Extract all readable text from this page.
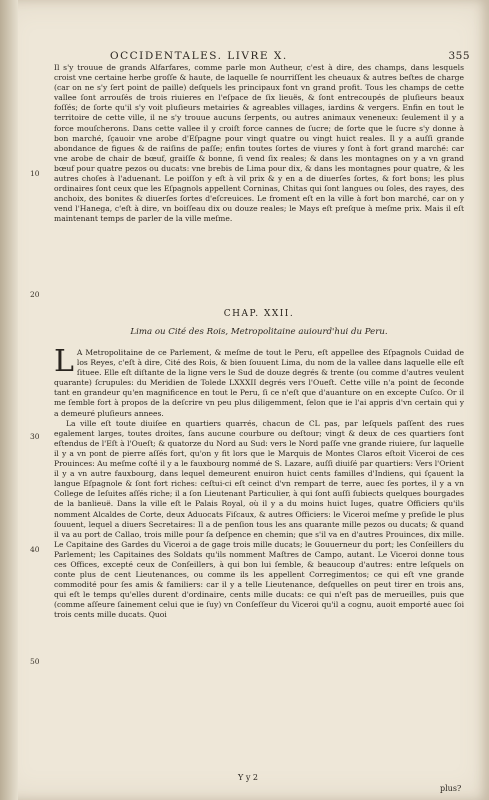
OCCIDENTALES. LIVRE X.	355

Il s'y trouue de grands Alfarfares, comme parle mon Autheur, c'est à dire, des champs, dans lesquels croist vne certaine herbe groſſe & haute, de laquelle ſe nourriſſent les cheuaux & autres beſtes de charge (car on ne s'y ſert point de paille) deſquels les principaux font vn grand profit. Tous les champs de cette vallee ſont arrouſés de trois riuieres en l'eſpace de ſix lieuës, & ſont entrecoupés de pluſieurs beaux foſſés; de ſorte qu'il s'y voit pluſieurs metairies & agreables villages, iardins & vergers. Enfin en tout le territoire de cette ville, il ne s'y trouue aucuns ſerpents, ou autres animaux veneneux: ſeulement il y a force mouſcherons. Dans cette vallee il y croiſt force cannes de ſucre; de ſorte que le ſucre s'y donne à bon marché, ſçauoir vne arobe d'Eſpagne pour vingt quatre ou vingt huict reales. Il y a auſſi grande abondance de figues & de raiſins de paſſe; enfin toutes ſortes de viures y ſont à fort grand marché: car vne arobe de chair de bœuf, graiſſe & bonne, ſi vend ſix reales; & dans les montagnes on y a vn grand bœuf pour quatre pezos ou ducats: vne brebis de Lima pour dix, & dans les montagnes pour quatre, & les autres choſes à l'aduenant. Le poiſſon y eſt à vil prix & y en a de diuerſes ſortes, & fort bons; les plus ordinaires ſont ceux que les Eſpagnols appellent Corninas, Chitas qui ſont langues ou ſoles, des rayes, des anchoix, des bonites & diuerſes ſortes d'eſcreuices. Le froment eſt en la ville à fort bon marché, car on y vend l'Hanega, c'eſt à dire, vn boiſſeau dix ou douze reales; le Mays eſt preſque à meſme prix. Mais il eſt maintenant temps de parler de la ville meſme.

10
20
CHAP. XXII.
Lima ou Cité des Rois, Metropolitaine auiourd'hui du Peru.

L A Metropolitaine de ce Parlement, & meſme de tout le Peru, eſt appellee des Eſpagnols Cuidad de los Reyes, c'eſt à dire, Cité des Rois, & bien ſouuent Lima, du nom de la vallee dans laquelle elle eſt ſituee. Elle eſt diſtante de la ligne vers le Sud de douze degrés & trente (ou comme d'autres veulent quarante) ſcrupules: du Meridien de Tolede LXXXII degrés vers l'Oueſt. Cette ville n'a point de ſeconde tant en grandeur qu'en magnificence en tout le Peru, ſi ce n'eſt que d'auanture on en excepte Cuſco. Or il me ſemble fort à propos de la deſcrire vn peu plus diligemment, ſelon que ie l'ai appris d'vn certain qui y a demeuré pluſieurs annees.

La ville eſt toute diuiſee en quartiers quarrés, chacun de CL pas, par leſquels paſſent des rues egalement larges, toutes droites, ſans aucune courbure ou deſtour; vingt & deux de ces quartiers ſont eſtendus de l'Eſt à l'Oueſt; & quatorze du Nord au Sud: vers le Nord paſſe vne grande riuiere, ſur laquelle il y a vn pont de pierre aſſés fort, qu'on y fit lors que le Marquis de Montes Claros eſtoit Viceroi de ces Prouinces: Au meſme coſté il y a le fauxbourg nommé de S. Lazare, auſſi diuiſé par quartiers: Vers l'Orient il y a vn autre fauxbourg, dans lequel demeurent enuiron huict cents familles d'Indiens, qui ſçauent la langue Eſpagnole & ſont fort riches: ceſtui-ci eſt ceinct d'vn rempart de terre, auec ſes portes, il y a vn College de Ieſuites aſſés riche; il a ſon Lieutenant Particulier, à qui ſont auſſi ſubiects quelques bourgades de la banlieuë. Dans la ville eſt le Palais Royal, où il y a du moins huict Iuges, quatre Officiers qu'ils nomment Alcaldes de Corte, deux Aduocats Fiſcaux, & autres Officiers: le Viceroi meſme y preſide le plus ſouuent, lequel a diuers Secretaires: Il a de penſion tous les ans quarante mille pezos ou ducats; & quand il va au port de Callao, trois mille pour ſa deſpence en chemin; que s'il va en d'autres Prouinces, dix mille. Le Capitaine des Gardes du Viceroi a de gage trois mille ducats; le Gouuerneur du port; les Conſeillers du Parlement; les Capitaines des Soldats qu'ils nomment Maſtres de Campo, autant. Le Viceroi donne tous ces Offices, excepté ceux de Conſeillers, à qui bon lui ſemble, & beaucoup d'autres: entre leſquels on conte plus de cent Lieutenances, ou comme ils les appellent Corregimentos; ce qui eſt vne grande commodité pour ſes amis & familiers: car il y a telle Lieutenance, deſquelles on peut tirer en trois ans, qui eſt le temps qu'elles durent d'ordinaire, cents mille ducats: ce qui n'eſt pas de merueilles, puis que (comme aſſeure ſainement celui que ie ſuy) vn Conſeſſeur du Viceroi qu'il a cognu, auoit emporté auec ſoi trois cents mille ducats. Quoi

30
40
50
Y y 2
plus?
